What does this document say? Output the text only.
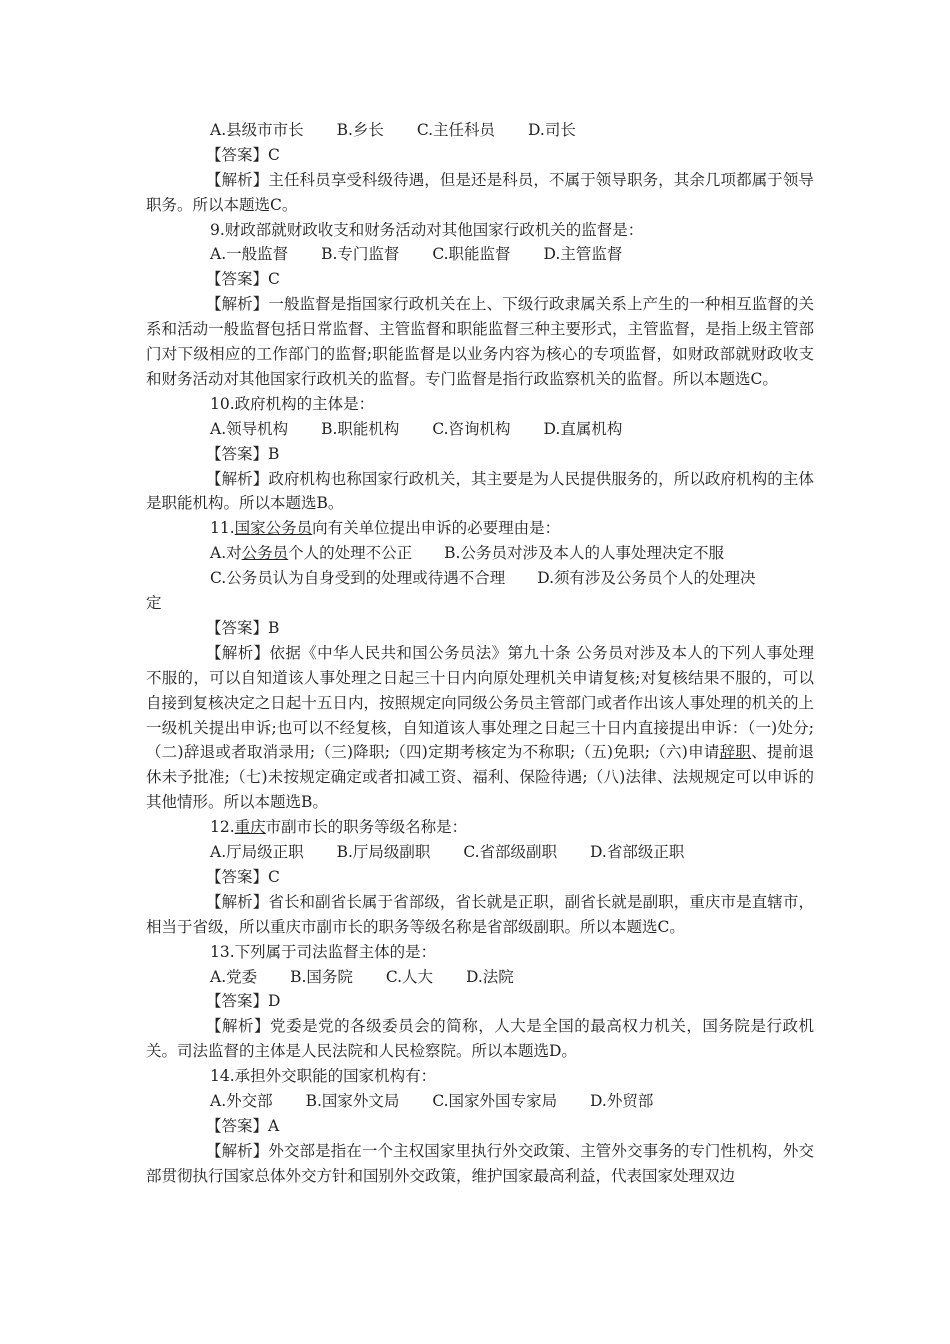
A.县级市市长 B.乡长 C.主任科员 D.司长
【答案】C

【解析】主任科员享受科级待遇，但是还是科员，不属于领导职务，其余几项都属于领导职务。所以本题选C。

9.财政部就财政收支和财务活动对其他国家行政机关的监督是：
A.一般监督 B.专门监督 C.职能监督 D.主管监督
【答案】C

【解析】一般监督是指国家行政机关在上、下级行政隶属关系上产生的一种相互监督的关系和活动一般监督包括日常监督、主管监督和职能监督三种主要形式，主管监督，是指上级主管部门对下级相应的工作部门的监督;职能监督是以业务内容为核心的专项监督，如财政部就财政收支和财务活动对其他国家行政机关的监督。专门监督是指行政监察机关的监督。所以本题选C。

10.政府机构的主体是：
A.领导机构 B.职能机构 C.咨询机构 D.直属机构
【答案】B

【解析】政府机构也称国家行政机关，其主要是为人民提供服务的，所以政府机构的主体是职能机构。所以本题选B。

11.国家公务员向有关单位提出申诉的必要理由是：
A.对公务员个人的处理不公正 B.公务员对涉及本人的人事处理决定不服
C.公务员认为自身受到的处理或待遇不合理 D.须有涉及公务员个人的处理决
定
【答案】B

【解析】依据《中华人民共和国公务员法》第九十条 公务员对涉及本人的下列人事处理不服的，可以自知道该人事处理之日起三十日内向原处理机关申请复核;对复核结果不服的，可以自接到复核决定之日起十五日内，按照规定向同级公务员主管部门或者作出该人事处理的机关的上一级机关提出申诉;也可以不经复核，自知道该人事处理之日起三十日内直接提出申诉：（一)处分;（二)辞退或者取消录用;（三)降职;（四)定期考核定为不称职;（五)免职;（六)申请辞职、提前退休未予批准;（七)未按规定确定或者扣减工资、福利、保险待遇;（八)法律、法规规定可以申诉的其他情形。所以本题选B。

12.重庆市副市长的职务等级名称是：
A.厅局级正职 B.厅局级副职 C.省部级副职 D.省部级正职
【答案】C

【解析】省长和副省长属于省部级，省长就是正职，副省长就是副职，重庆市是直辖市，相当于省级，所以重庆市副市长的职务等级名称是省部级副职。所以本题选C。

13.下列属于司法监督主体的是：
A.党委 B.国务院 C.人大 D.法院
【答案】D

【解析】党委是党的各级委员会的简称，人大是全国的最高权力机关，国务院是行政机关。司法监督的主体是人民法院和人民检察院。所以本题选D。

14.承担外交职能的国家机构有：
A.外交部 B.国家外文局 C.国家外国专家局 D.外贸部
【答案】A

【解析】外交部是指在一个主权国家里执行外交政策、主管外交事务的专门性机构，外交部贯彻执行国家总体外交方针和国别外交政策，维护国家最高利益，代表国家处理双边
